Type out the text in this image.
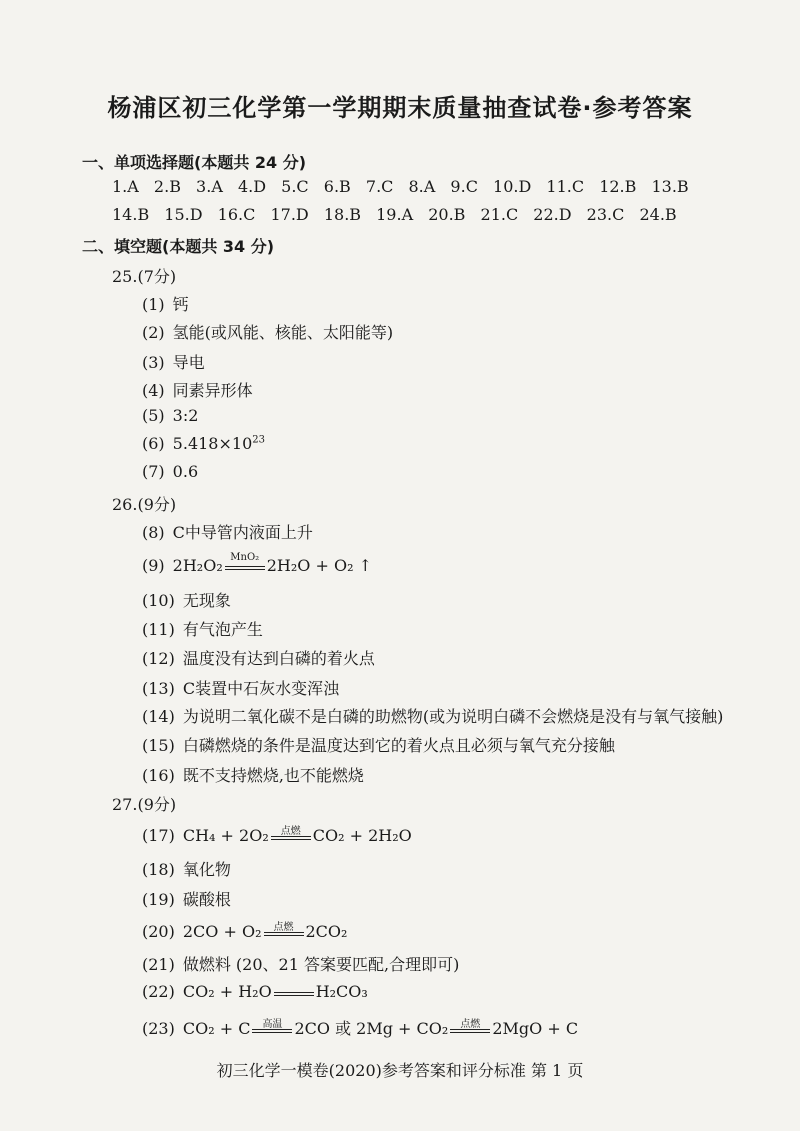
杨浦区初三化学第一学期期末质量抽查试卷·参考答案
一、单项选择题(本题共 24 分)
1.A 2.B 3.A 4.D 5.C 6.B 7.C 8.A 9.C 10.D 11.C 12.B 13.B
14.B 15.D 16.C 17.D 18.B 19.A 20.B 21.C 22.D 23.C 24.B
二、填空题(本题共 34 分)
25.(7分)
(1) 钙
(2) 氢能(或风能、核能、太阳能等)
(3) 导电
(4) 同素异形体
(5) 3:2
(6) $5.418\times 10^{23}$
(7) 0.6
26.(9分)
(8) C中导管内液面上升
(9) 2H₂O₂ MnO₂ 2H₂O + O₂ ↑
(10) 无现象
(11) 有气泡产生
(12) 温度没有达到白磷的着火点
(13) C装置中石灰水变浑浊
(14) 为说明二氧化碳不是白磷的助燃物(或为说明白磷不会燃烧是没有与氧气接触)
(15) 白磷燃烧的条件是温度达到它的着火点且必须与氧气充分接触
(16) 既不支持燃烧,也不能燃烧
27.(9分)
(17) CH₄ + 2O₂	点燃 CO₂ + 2H₂O
(18) 氧化物
(19) 碳酸根
(20) 2CO + O₂	点燃 2CO₂
(21) 做燃料 (20、21 答案要匹配,合理即可)
(22) CO₂ + H₂O	H₂CO₃
(23) CO₂ + C	高温 2CO 或 2Mg + CO₂	点燃 2MgO + C
初三化学一模卷(2020)参考答案和评分标准 第 1 页
